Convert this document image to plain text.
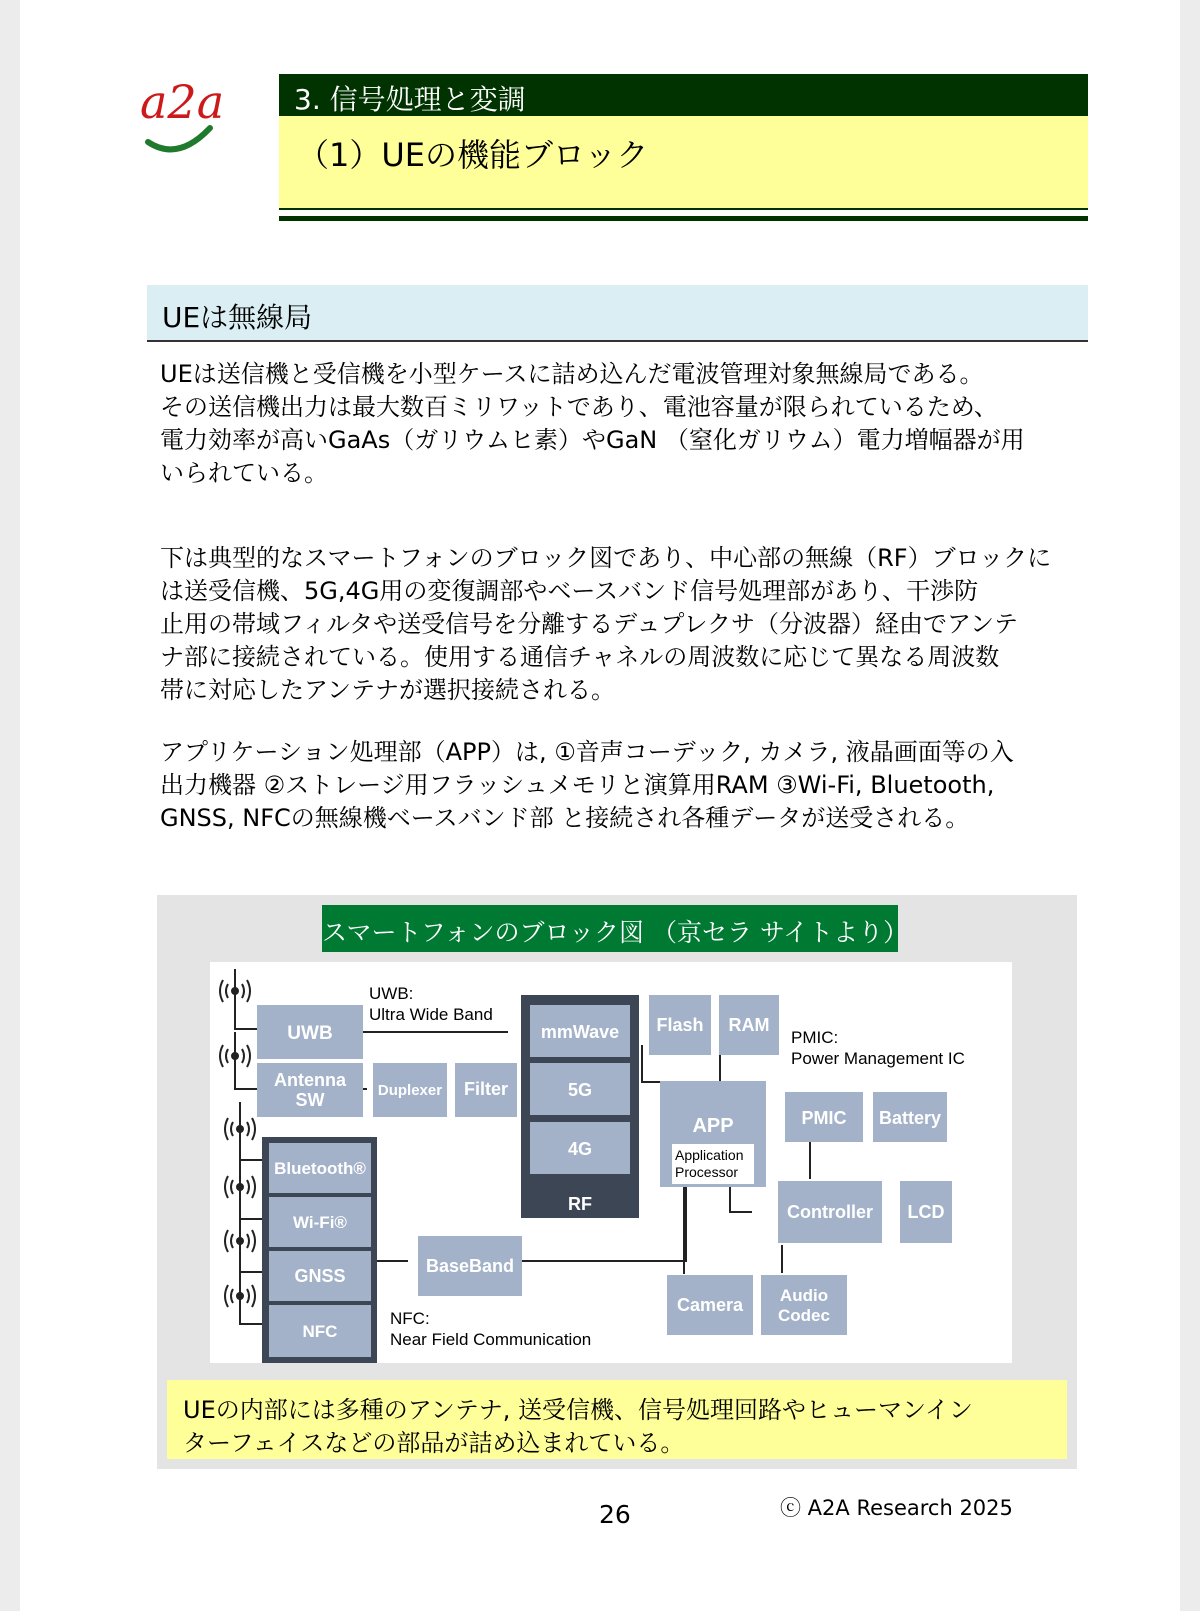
a2a 3. 信号処理と変調
（1）UEの機能ブロック
UEは無線局
UEは送信機と受信機を小型ケースに詰め込んだ電波管理対象無線局である。
その送信機出力は最大数百ミリワットであり、電池容量が限られているため、
電力効率が高いGaAs（ガリウムヒ素）やGaN （窒化ガリウム）電力増幅器が用
いられている。
下は典型的なスマートフォンのブロック図であり、中心部の無線（RF）ブロックに
は送受信機、5G,4G用の変復調部やベースバンド信号処理部があり、干渉防
止用の帯域フィルタや送受信号を分離するデュプレクサ（分波器）経由でアンテ
ナ部に接続されている。使用する通信チャネルの周波数に応じて異なる周波数
帯に対応したアンテナが選択接続される。
アプリケーション処理部（APP）は, ①音声コーデック, カメラ, 液晶画面等の入
出力機器 ②ストレージ用フラッシュメモリと演算用RAM ③Wi-Fi, Bluetooth,
GNSS, NFCの無線機ベースバンド部 と接続され各種データが送受される。
スマートフォンのブロック図 （京セラ サイトより）
UWB
Antenna
SW	Duplexer Filter
mmWave
5G
4G
RF
Flash RAM
APP	PMIC Battery
Controller LCD
Bluetooth®
Wi-Fi®
GNSS
NFC
BaseBand
Camera Audio
Codec
Application
Processor
UWB:
Ultra Wide Band
PMIC:
Power Management IC
NFC:
Near Field Communication
UEの内部には多種のアンテナ, 送受信機、信号処理回路やヒューマンイン
ターフェイスなどの部品が詰め込まれている。
26	ⓒ A2A Research 2025
